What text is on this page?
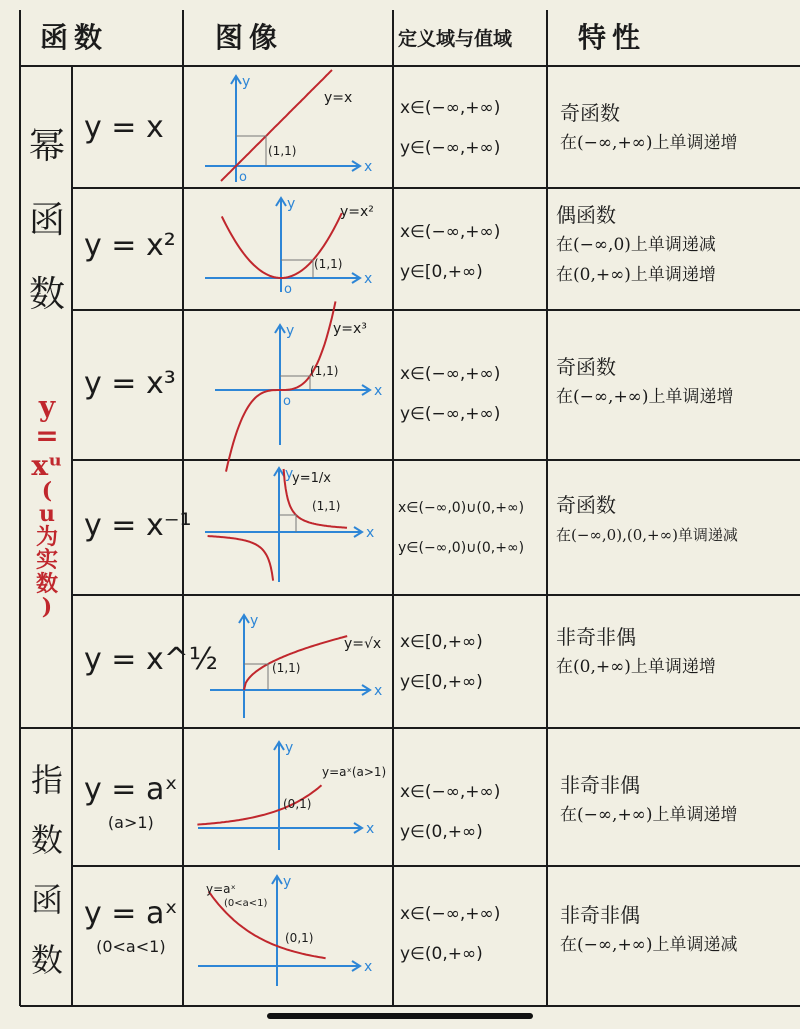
函数	图像	定义域与值域 特性
幂
函
数
y
=
xᵘ
(
u
为
实
数
)
指
数
函
数
y = x
y = x²
y = x³
y = x⁻¹
y = x^½
y = aˣ
(a>1)
y = aˣ
(0<a<1)
x
y
o
(1,1)
y=x
x
y
o
(1,1)
y=x²
x
y
o
(1,1)
y=x³
x
y
(1,1)
y=1/x
x
y
(1,1)
y=√x
x
y
(0,1)
y=aˣ(a>1)
x
y
(0,1)
y=aˣ
(0<a<1)
x∈(−∞,+∞)
y∈(−∞,+∞)
x∈(−∞,+∞)
y∈[0,+∞)
x∈(−∞,+∞)
y∈(−∞,+∞)
x∈(−∞,0)∪(0,+∞)
y∈(−∞,0)∪(0,+∞)
x∈[0,+∞)
y∈[0,+∞)
x∈(−∞,+∞)
y∈(0,+∞)
x∈(−∞,+∞)
y∈(0,+∞)
奇函数
在(−∞,+∞)上单调递增
偶函数
在(−∞,0)上单调递减
在(0,+∞)上单调递增
奇函数
在(−∞,+∞)上单调递增
奇函数
在(−∞,0),(0,+∞)单调递减
非奇非偶
在(0,+∞)上单调递增
非奇非偶
在(−∞,+∞)上单调递增
非奇非偶
在(−∞,+∞)上单调递减
